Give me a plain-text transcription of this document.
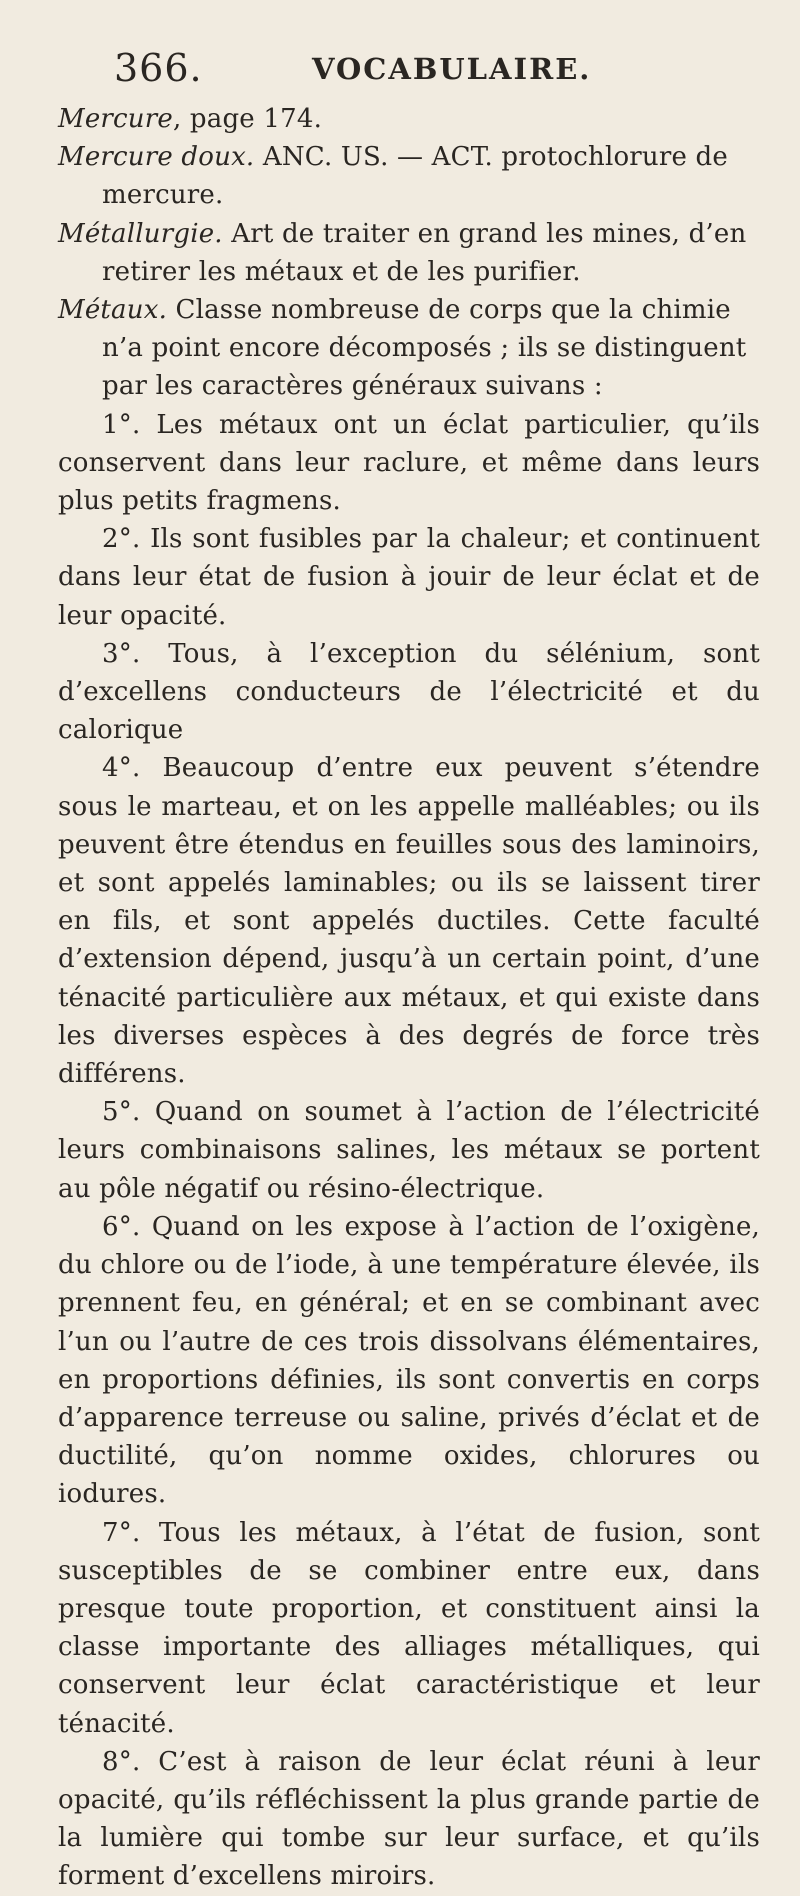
366.	VOCABULAIRE.

Mercure, page 174.

Mercure doux. ANC. US. — ACT. protochlorure de mercure.

Métallurgie. Art de traiter en grand les mines, d’en retirer les métaux et de les purifier.

Métaux. Classe nombreuse de corps que la chimie n’a point encore décomposés ; ils se distinguent par les caractères généraux suivans :

1°. Les métaux ont un éclat particulier, qu’ils conservent dans leur raclure, et même dans leurs plus petits fragmens.

2°. Ils sont fusibles par la chaleur; et continuent dans leur état de fusion à jouir de leur éclat et de leur opacité.

3°. Tous, à l’exception du sélénium, sont d’excellens conducteurs de l’électricité et du calorique

4°. Beaucoup d’entre eux peuvent s’étendre sous le marteau, et on les appelle malléables; ou ils peuvent être étendus en feuilles sous des laminoirs, et sont appelés laminables; ou ils se laissent tirer en fils, et sont appelés ductiles. Cette faculté d’extension dépend, jusqu’à un certain point, d’une ténacité particulière aux métaux, et qui existe dans les diverses espèces à des degrés de force très différens.

5°. Quand on soumet à l’action de l’électricité leurs combinaisons salines, les métaux se portent au pôle négatif ou résino-électrique.

6°. Quand on les expose à l’action de l’oxigène, du chlore ou de l’iode, à une température élevée, ils prennent feu, en général; et en se combinant avec l’un ou l’autre de ces trois dissolvans élémentaires, en proportions définies, ils sont convertis en corps d’apparence terreuse ou saline, privés d’éclat et de ductilité, qu’on nomme oxides, chlorures ou iodures.

7°. Tous les métaux, à l’état de fusion, sont susceptibles de se combiner entre eux, dans presque toute proportion, et constituent ainsi la classe importante des alliages métalliques, qui conservent leur éclat caractéristique et leur ténacité.

8°. C’est à raison de leur éclat réuni à leur opacité, qu’ils réfléchissent la plus grande partie de la lumière qui tombe sur leur surface, et qu’ils forment d’excellens miroirs.
